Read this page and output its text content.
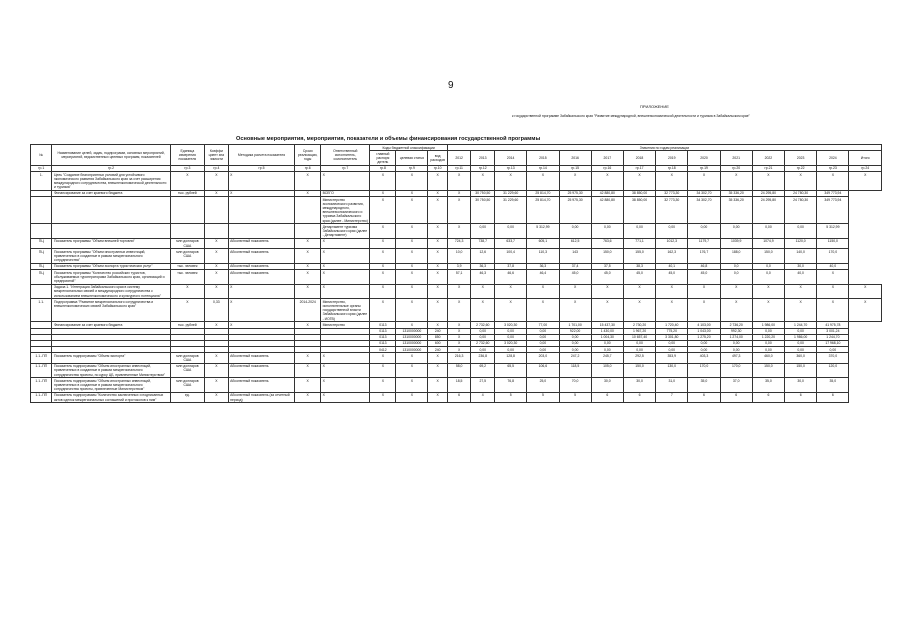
9
ПРИЛОЖЕНИЕ
к государственной программе Забайкальского края "Развитие международной, внешнеэкономической деятельности и туризма в Забайкальском крае"
Основные мероприятия, мероприятия, показатели и объемы финансирования государственной программы
№	Наименование целей, задач, подпрограмм, основных мероприятий, мероприятий, ведомственных целевых программ, показателей	Единица измерения показателя	Коэффи циент зна чимости	Методика расчета показателя	Сроки реализации, годы	Ответственный исполнитель, соисполнитель	Коды бюджетной классификации			Значения по годам реализации													
							главный распоря дитель	целевая статья	вид расходов	2012	2013	2014	2015	2016	2017	2018	2019	2020	2021	2022	2023	2024	Итого
гр.1	гр.2	гр.3	гр.4	гр.5	гр.6	гр.7	гр.8	гр.9	гр.10	гр.11	гр.12	гр.13	гр.14	гр.15	гр.16	гр.17	гр.18	гр.19	гр.20	гр.21	гр.22	гр.23	гр.24
1.	Цель "Создание благоприятных условий для устойчивого экономического развития Забайкальского края за счет расширения международного сотрудничества, внешнеэкономической деятельности и туризма"	X	X	X	X	X	X	X	X	X	X	X	X	X	X	X	X	X	X	X	X	X	X
	Финансирование за счет краевого бюджета	тыс. рублей	X	X	X	ВСЕГО	X	X	X	X	30 750,50	31 229,60	25 814,70	25 975,30	42 880,80	38 850,00	32 773,30	34 302,70	35 336,20	24 295,80	24 780,30	349 773,94	
						Министерство экономического развития, международного, внешнеэкономического и туризма Забайкальского края (далее - Министерство)	X	X	X	X	30 750,50	31 229,60	25 814,70	25 975,30	42 880,80	38 850,00	32 773,30	34 302,70	35 336,20	24 295,80	24 780,30	349 773,94	
						Департамент туризма Забайкальского края (далее - Департамент)	X	X	X	X	0,00	0,00	5 312,99	0,00	0,00	0,00	0,00	0,00	0,00	0,00	0,00	5 312,99	
ПЦ	Показатель программы "Объем внешней торговли"	млн долларов США	X	Абсолютный показатель	X	X	X	X	X	724,3	738,7	633,7	605,1	612,5	763,6	771,1	1012,3	1179,7	1039,9	1074,9	1120,0	1150,0	
ПЦ	Показатель программы "Объем иностранных инвестиций, привлеченных в созданные в рамках межрегионального сотрудничества"	млн долларов США	X	Абсолютный показатель	X	X	X	X	X	10,0	12,6	100,4	110,3	143	150,0	155,0	162,3	176,7	188,0	150,0	140,0	170,0	
ПЦ	Показатель программы "Объем экспорта туристических услуг"	тыс. человек	X	Абсолютный показатель	X	X	X	X	X	3,9	36,3	37,8	36,3	37,4	37,5	38,3	40,1	46,8	0,0	0,0	30,0	40,0	
ПЦ	Показатель программы "Количество российских туристов, обслуживаемых туроператорами Забайкальского края, организаций и предприятий"	тыс. человек	X	Абсолютный показатель	X	X	X	X	X	57,1	46,3	46,6	46,4	45,0	45,0	45,0	45,0	45,0	0,0	0,0	40,0	X	
	Задача 1. "Интеграция Забайкальского края в систему межрегиональных связей и международного сотрудничества с использованием внешнеэкономического и культурного потенциала"	X	X	X	X	X	X	X	X	X	X	X	X	X	X	X	X	X	X	X	X	X	X
1.1.	Подпрограмма "Развитие межрегионального сотрудничества и внешнеэкономических связей Забайкальского края"	X	0,33	X	2014-2024	Министерство, исполнительные органы государственной власти Забайкальского края (далее - ИОГВ)	X	X	X	X	X	X	X	X	X	X	X	X	X	X	X	X	X
	Финансирование за счет краевого бюджета	тыс. рублей	X	X	X	Министерство	0113	X	X	X	2 732,60	3 020,30	77,00	1 701,00	15 437,30	2 730,20	1 720,40	4 103,00	2 736,20	1 986,00	1 244,70	41 975,78	
							0113	1310000000	240	X	0,00	0,00	0,00	922,00	1 430,00	1 967,20	775,20	1 043,00	992,30	0,00	0,00	3 001,24	
							0113	1310000000	850	X	0,00	0,00	0,00	0,00	1 004,30	10 657,40	3 301,80	1 275,20	1 274,00	1 220,20	1 986,00	1 244,70	
							0113	1310000000	600	X	2 732,60	3 020,30	0,00	0,00	0,00	0,00	0,00	0,00	0,00	0,00	0,00	17 968,10	
							0412	1310000000	240	X	0,00	0,00	0,00	0,00	0,00	0,00	0,00	0,00	0,00	0,00	0,00	0,00	
1.1.-ПП	Показатель подпрограммы "Объем экспорта"	млн долларов США	X	Абсолютный показатель	X	X	X	X	X	216,3	236,8	128,8	203,0	247,2	245,7	292,5	353,9	403,3	497,3	460,0	360,0	370,0	
1.1.-ПП	Показатель подпрограммы "Объем иностранных инвестиций, привлеченных в созданные в рамках межрегионального сотрудничества проекты, по курсу ЦБ, привлеченные Министерством"	млн долларов США	X	Абсолютный показатель	X	X	X	X	X	58,0	69,2	65,5	106,6	118,5	105,0	150,0	130,0	170,0	170,0	150,0	150,0	120,0	
1.1.-ПП	Показатель подпрограммы "Объем иностранных инвестиций, привлеченных в созданные в рамках межрегионального сотрудничества проекты, привлеченные Министерством"	млн долларов США	X	Абсолютный показатель	X	X	X	X	X	18,5	27,5	76,8	25,0	70,0	30,0	30,0	31,0	35,0	37,0	35,0	30,0	35,0	
1.1.-ПП	Показатель подпрограммы "Количество заключенных и подписанных актов сделок межрегиональных соглашений и протоколов к ним"	ед.	X	Абсолютный показатель (за отчетный период)	X	X	X	X	X	6	4	5	5	5	6	6	7	6	6	6	6	6	
